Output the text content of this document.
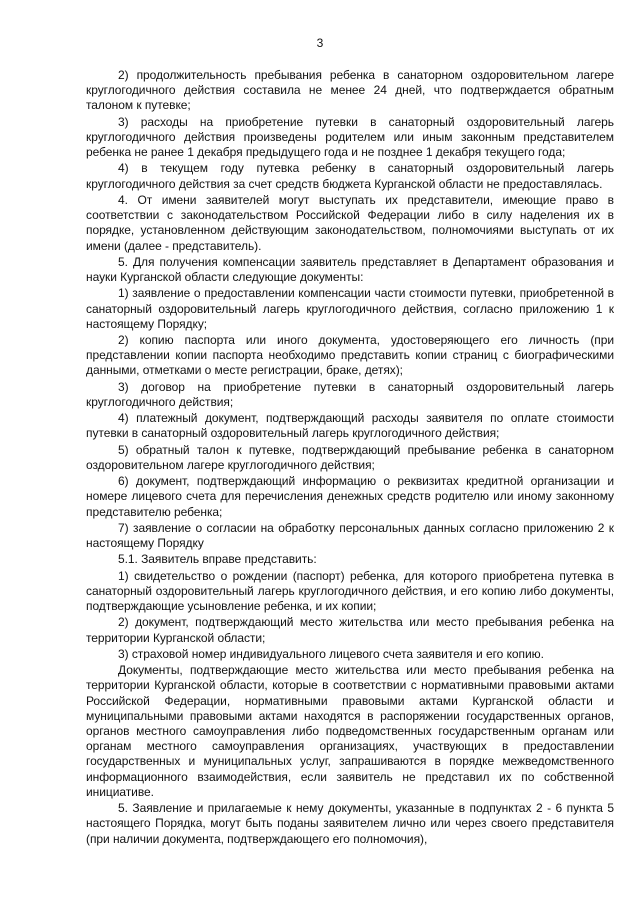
3

2) продолжительность пребывания ребенка в санаторном оздоровительном лагере круглогодичного действия составила не менее 24 дней, что подтверждается обратным талоном к путевке;

3) расходы на приобретение путевки в санаторный оздоровительный лагерь круглогодичного действия произведены родителем или иным законным представителем ребенка не ранее 1 декабря предыдущего года и не позднее 1 декабря текущего года;

4) в текущем году путевка ребенку в санаторный оздоровительный лагерь круглогодичного действия за счет средств бюджета Курганской области не предоставлялась.

4. От имени заявителей могут выступать их представители, имеющие право в соответствии с законодательством Российской Федерации либо в силу наделения их в порядке, установленном действующим законодательством, полномочиями выступать от их имени (далее - представитель).

5. Для получения компенсации заявитель представляет в Департамент образования и науки Курганской области следующие документы:

1) заявление о предоставлении компенсации части стоимости путевки, приобретенной в санаторный оздоровительный лагерь круглогодичного действия, согласно приложению 1 к настоящему Порядку;

2) копию паспорта или иного документа, удостоверяющего его личность (при представлении копии паспорта необходимо представить копии страниц с биографическими данными, отметками о месте регистрации, браке, детях);

3) договор на приобретение путевки в санаторный оздоровительный лагерь круглогодичного действия;

4) платежный документ, подтверждающий расходы заявителя по оплате стоимости путевки в санаторный оздоровительный лагерь круглогодичного действия;

5) обратный талон к путевке, подтверждающий пребывание ребенка в санаторном оздоровительном лагере круглогодичного действия;

6) документ, подтверждающий информацию о реквизитах кредитной организации и номере лицевого счета для перечисления денежных средств родителю или иному законному представителю ребенка;

7) заявление о согласии на обработку персональных данных согласно приложению 2 к настоящему Порядку

5.1. Заявитель вправе представить:

1) свидетельство о рождении (паспорт) ребенка, для которого приобретена путевка в санаторный оздоровительный лагерь круглогодичного действия, и его копию либо документы, подтверждающие усыновление ребенка, и их копии;

2) документ, подтверждающий место жительства или место пребывания ребенка на территории Курганской области;

3) страховой номер индивидуального лицевого счета заявителя и его копию.

Документы, подтверждающие место жительства или место пребывания ребенка на территории Курганской области, которые в соответствии с нормативными правовыми актами Российской Федерации, нормативными правовыми актами Курганской области и муниципальными правовыми актами находятся в распоряжении государственных органов, органов местного самоуправления либо подведомственных государственным органам или органам местного самоуправления организациях, участвующих в предоставлении государственных и муниципальных услуг, запрашиваются в порядке межведомственного информационного взаимодействия, если заявитель не представил их по собственной инициативе.

5. Заявление и прилагаемые к нему документы, указанные в подпунктах 2 - 6 пункта 5 настоящего Порядка, могут быть поданы заявителем лично или через своего представителя (при наличии документа, подтверждающего его полномочия),
